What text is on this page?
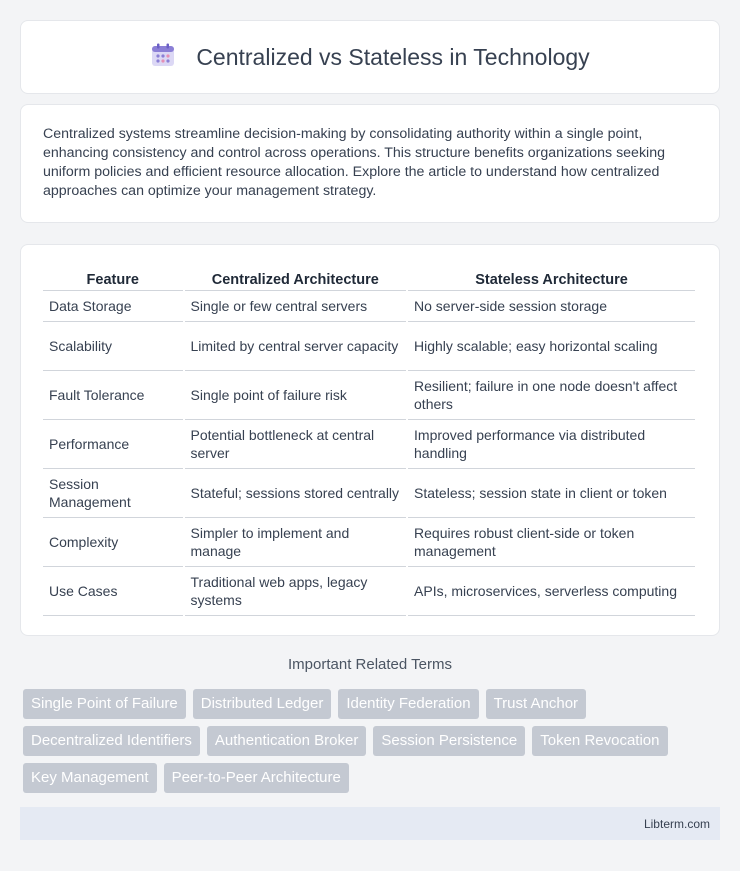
Centralized vs Stateless in Technology

Centralized systems streamline decision-making by consolidating authority within a single point, enhancing consistency and control across operations. This structure benefits organizations seeking uniform policies and efficient resource allocation. Explore the article to understand how centralized approaches can optimize your management strategy.

Feature	Centralized Architecture	Stateless Architecture
Data Storage	Single or few central servers	No server-side session storage
Scalability	Limited by central server capacity	Highly scalable; easy horizontal scaling
Fault Tolerance	Single point of failure risk	Resilient; failure in one node doesn't affect others
Performance	Potential bottleneck at central server	Improved performance via distributed handling
Session Management	Stateful; sessions stored centrally	Stateless; session state in client or token
Complexity	Simpler to implement and manage	Requires robust client-side or token management
Use Cases	Traditional web apps, legacy systems	APIs, microservices, serverless computing
Important Related Terms
Single Point of Failure	Distributed Ledger	Identity Federation	Trust Anchor
Decentralized Identifiers	Authentication Broker	Session Persistence	Token Revocation
Key Management	Peer-to-Peer Architecture
Libterm.com
